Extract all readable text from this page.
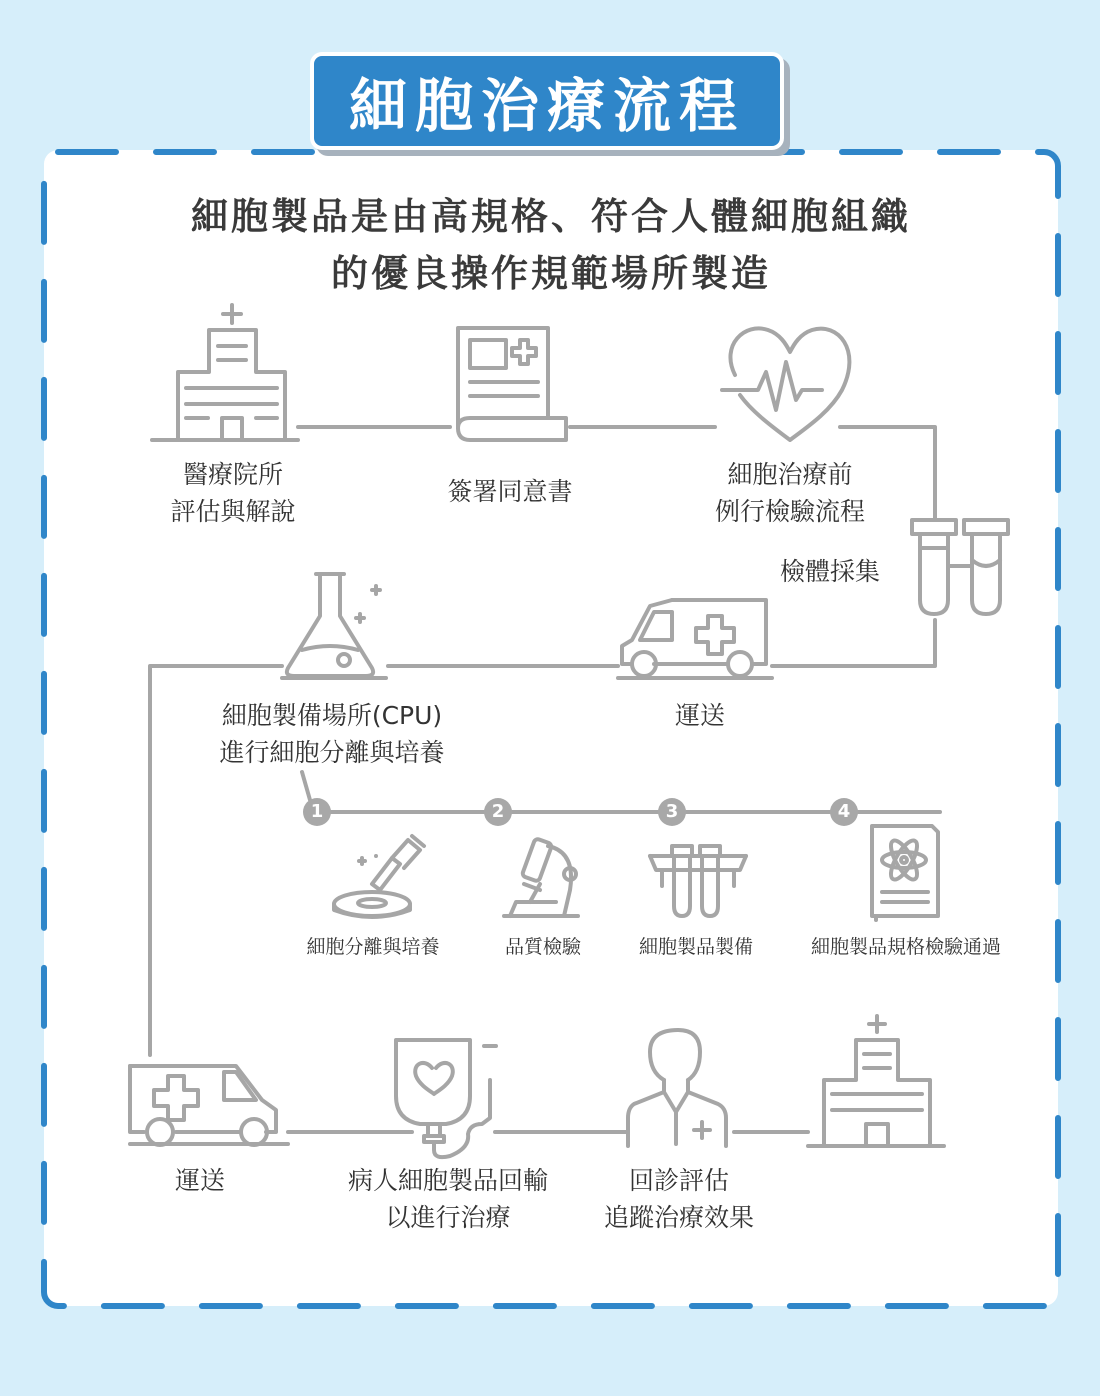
細胞治療流程
細胞製品是由高規格、符合人體細胞組織
的優良操作規範場所製造
醫療院所
評估與解說
簽署同意書
細胞治療前
例行檢驗流程
檢體採集
運送
細胞製備場所(CPU)
進行細胞分離與培養
運送	病人細胞製品回輸
以進行治療
回診評估
追蹤治療效果
1	2	3	4
細胞分離與培養	品質檢驗	細胞製品製備	細胞製品規格檢驗通過
